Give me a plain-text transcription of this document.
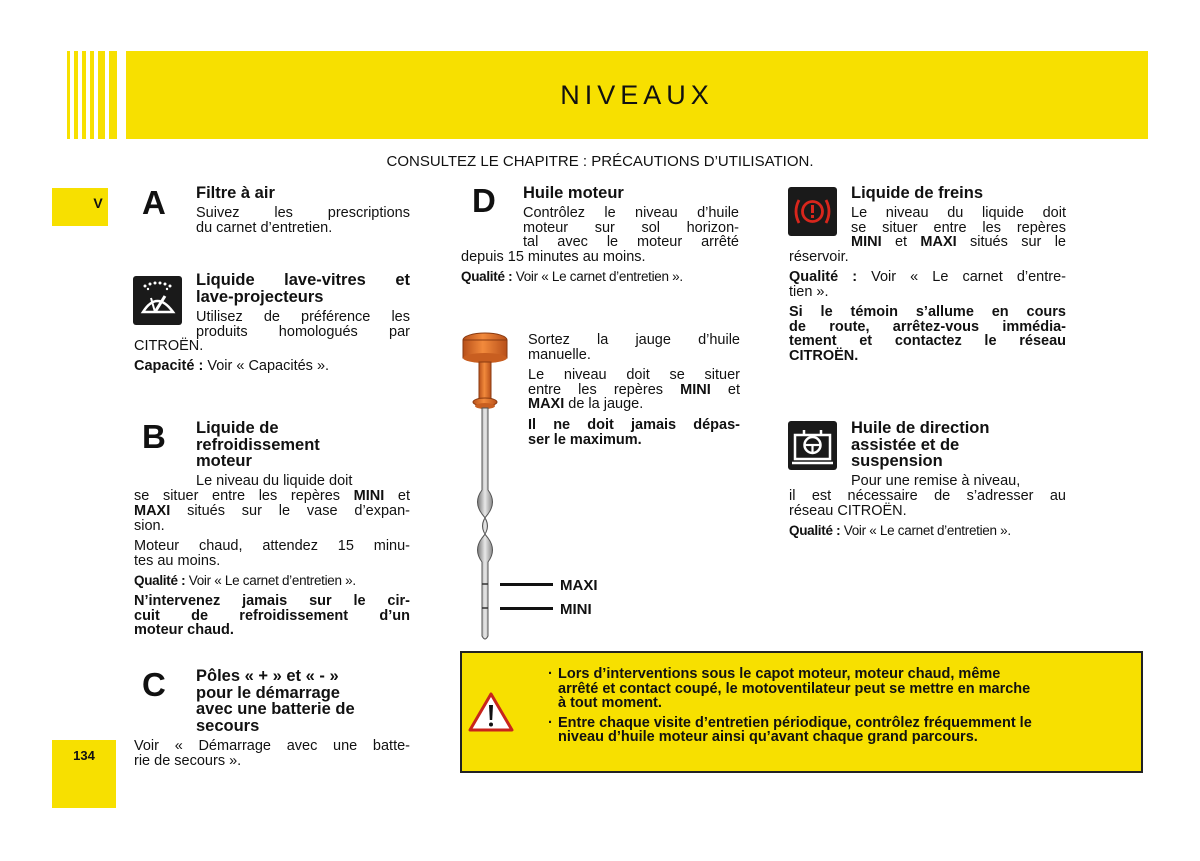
NIVEAUX
CONSULTEZ LE CHAPITRE : PRÉCAUTIONS D’UTILISATION.
V
134
A Filtre à air
Suivez les prescriptions
du carnet d’entretien.
Liquide lave-vitres et
lave-projecteurs
Utilisez de préférence les
produits homologués par
CITROËN.
Capacité : Voir « Capacités ».
B Liquide de
refroidissement
moteur
Le niveau du liquide doit
se situer entre les repères MINI et
MAXI situés sur le vase d’expan-
sion.
Moteur chaud, attendez 15 minu-
tes au moins.
Qualité : Voir « Le carnet d’entretien ».
N’intervenez jamais sur le cir-
cuit de refroidissement d’un
moteur chaud.
C Pôles « + » et « - »
pour le démarrage
avec une batterie de
secours
Voir « Démarrage avec une batte-
rie de secours ».
D Huile moteur
Contrôlez le niveau d’huile
moteur sur sol horizon-
tal avec le moteur arrêté
depuis 15 minutes au moins.
Qualité : Voir « Le carnet d’entretien ».
MAXI
MINI
Sortez la jauge d’huile
manuelle.
Le niveau doit se situer
entre les repères MINI et
MAXI de la jauge.
Il ne doit jamais dépas-
ser le maximum.
Liquide de freins
Le niveau du liquide doit
se situer entre les repères
MINI et MAXI situés sur le
réservoir.
Qualité : Voir « Le carnet d’entre-
tien ».
Si le témoin s’allume en cours
de route, arrêtez-vous immédia-
tement et contactez le réseau
CITROËN.
Huile de direction
assistée et de
suspension
Pour une remise à niveau,
il est nécessaire de s’adresser au
réseau CITROËN.
Qualité : Voir « Le carnet d’entretien ».
· Lors d’interventions sous le capot moteur, moteur chaud, même arrêté et contact coupé, le motoventilateur peut se mettre en marche à tout moment.
· Entre chaque visite d’entretien périodique, contrôlez fréquemment le niveau d’huile moteur ainsi qu’avant chaque grand parcours.
